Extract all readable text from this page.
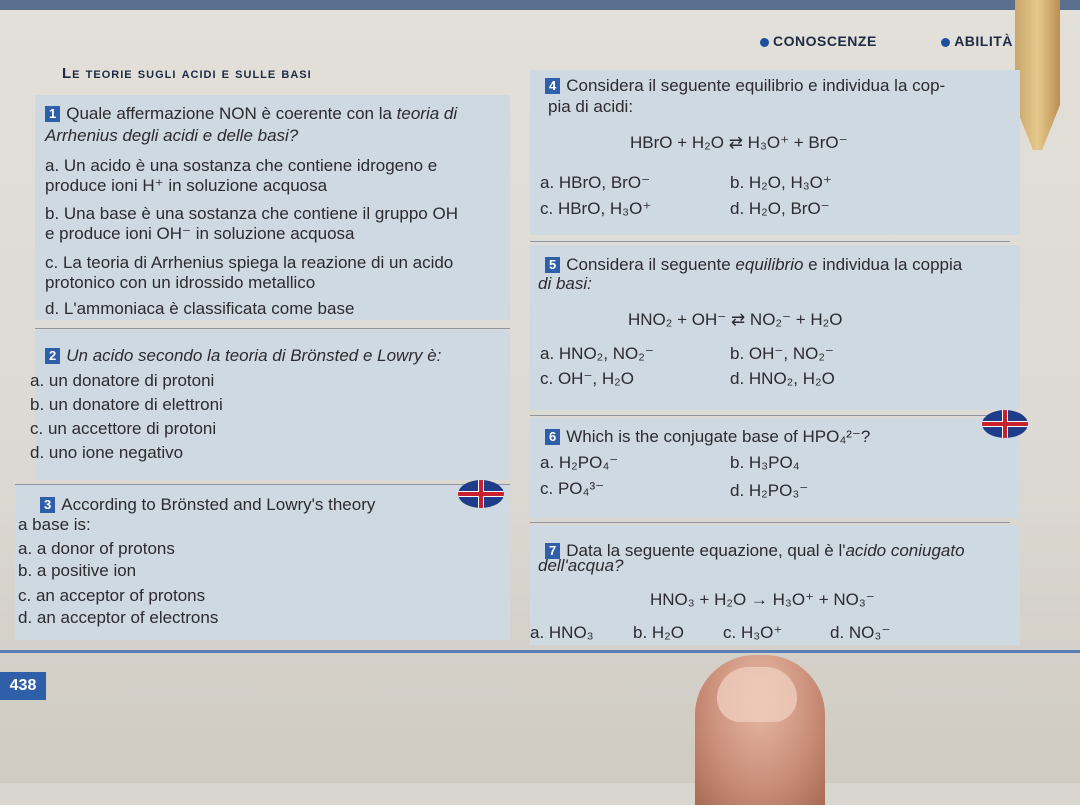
CONOSCENZE	ABILITÀ
Le teorie sugli acidi e sulle basi
1 Quale affermazione NON è coerente con la teoria di Arrhenius degli acidi e delle basi?
a. Un acido è una sostanza che contiene idrogeno e
produce ioni H⁺ in soluzione acquosa
b. Una base è una sostanza che contiene il gruppo OH
e produce ioni OH⁻ in soluzione acquosa
c. La teoria di Arrhenius spiega la reazione di un acido
protonico con un idrossido metallico
d. L'ammoniaca è classificata come base
2 Un acido secondo la teoria di Brönsted e Lowry è:
a. un donatore di protoni
b. un donatore di elettroni
c. un accettore di protoni
d. uno ione negativo
3 According to Brönsted and Lowry's theory
a base is:
a. a donor of protons
b. a positive ion
c. an acceptor of protons
d. an acceptor of electrons
4 Considera il seguente equilibrio e individua la cop-
pia di acidi:
HBrO + H₂O ⇄ H₃O⁺ + BrO⁻
a. HBrO, BrO⁻	b. H₂O, H₃O⁺
c. HBrO, H₃O⁺	d. H₂O, BrO⁻
5 Considera il seguente equilibrio e individua la coppia
di basi:
HNO₂ + OH⁻ ⇄ NO₂⁻ + H₂O
a. HNO₂, NO₂⁻	b. OH⁻, NO₂⁻
c. OH⁻, H₂O	d. HNO₂, H₂O
6 Which is the conjugate base of HPO₄²⁻?
a. H₂PO₄⁻	b. H₃PO₄
c. PO₄³⁻	d. H₂PO₃⁻
7 Data la seguente equazione, qual è l'acido coniugato
dell'acqua?
HNO₃ + H₂O → H₃O⁺ + NO₃⁻
a. HNO₃ b. H₂O c. H₃O⁺	d. NO₃⁻
438
